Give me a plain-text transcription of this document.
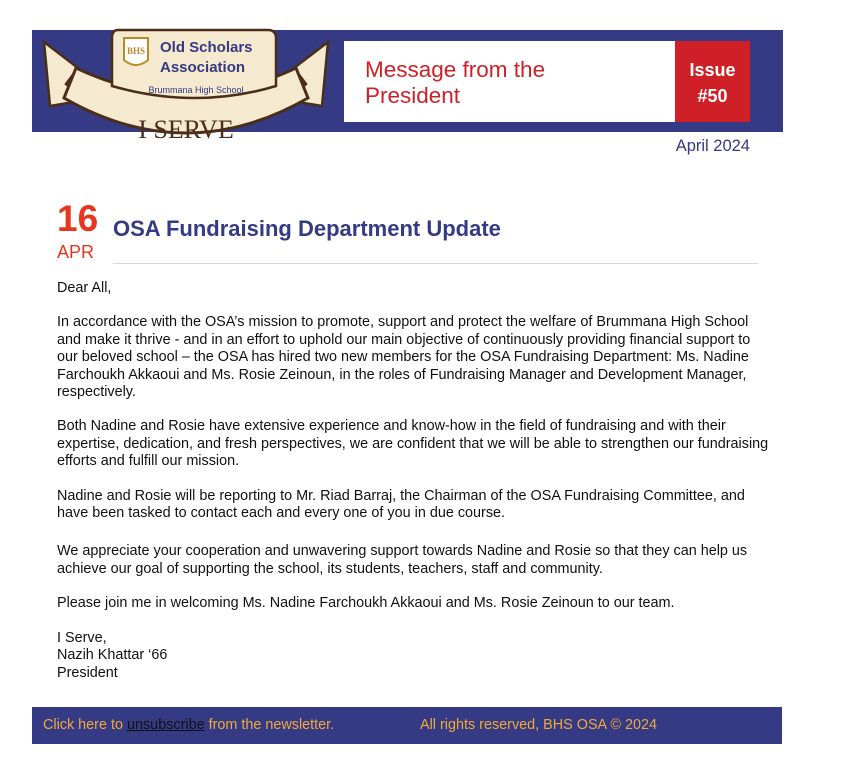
BHS Old Scholars
Association
Brummana High School
I SERVE
Message from the President
Issue
#50
April 2024
16
APR
OSA Fundraising Department Update

Dear All,

In accordance with the OSA’s mission to promote, support and protect the welfare of Brummana High School and make it thrive - and in an effort to uphold our main objective of continuously providing financial support to our beloved school – the OSA has hired two new members for the OSA Fundraising Department: Ms. Nadine Farchoukh Akkaoui and Ms. Rosie Zeinoun, in the roles of Fundraising Manager and Development Manager, respectively.

Both Nadine and Rosie have extensive experience and know-how in the field of fundraising and with their expertise, dedication, and fresh perspectives, we are confident that we will be able to strengthen our fundraising efforts and fulfill our mission.

Nadine and Rosie will be reporting to Mr. Riad Barraj, the Chairman of the OSA Fundraising Committee, and have been tasked to contact each and every one of you in due course.

We appreciate your cooperation and unwavering support towards Nadine and Rosie so that they can help us achieve our goal of supporting the school, its students, teachers, staff and community.

Please join me in welcoming Ms. Nadine Farchoukh Akkaoui and Ms. Rosie Zeinoun to our team.

I Serve,

Nazih Khattar ‘66

President

Click here to unsubscribe from the newsletter.	All rights reserved, BHS OSA © 2024
